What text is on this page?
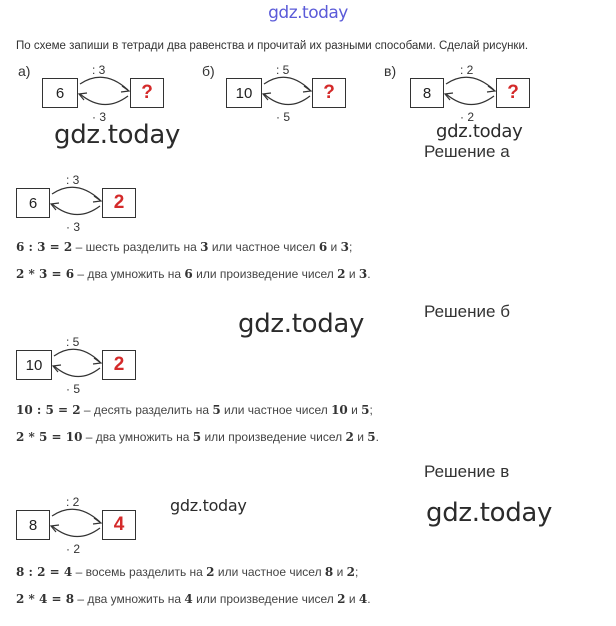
gdz.today
По схеме запиши в тетради два равенства и прочитай их разными способами. Сделай рисунки.
а)
6	?
: 3
· 3
б)
10	?
: 5
· 5
в)
8	?
: 2
· 2
gdz.today	gdz.today
Решение а
6	2
: 3
· 3
6 : 3 = 2 – шесть разделить на 3 или частное чисел 6 и 3;
2 * 3 = 6 – два умножить на 6 или произведение чисел 2 и 3.
Решение б
gdz.today
10	2
: 5
· 5
10 : 5 = 2 – десять разделить на 5 или частное чисел 10 и 5;
2 * 5 = 10 – два умножить на 5 или произведение чисел 2 и 5.
Решение в
gdz.today	gdz.today
8	4
: 2
· 2
8 : 2 = 4 – восемь разделить на 2 или частное чисел 8 и 2;
2 * 4 = 8 – два умножить на 4 или произведение чисел 2 и 4.
